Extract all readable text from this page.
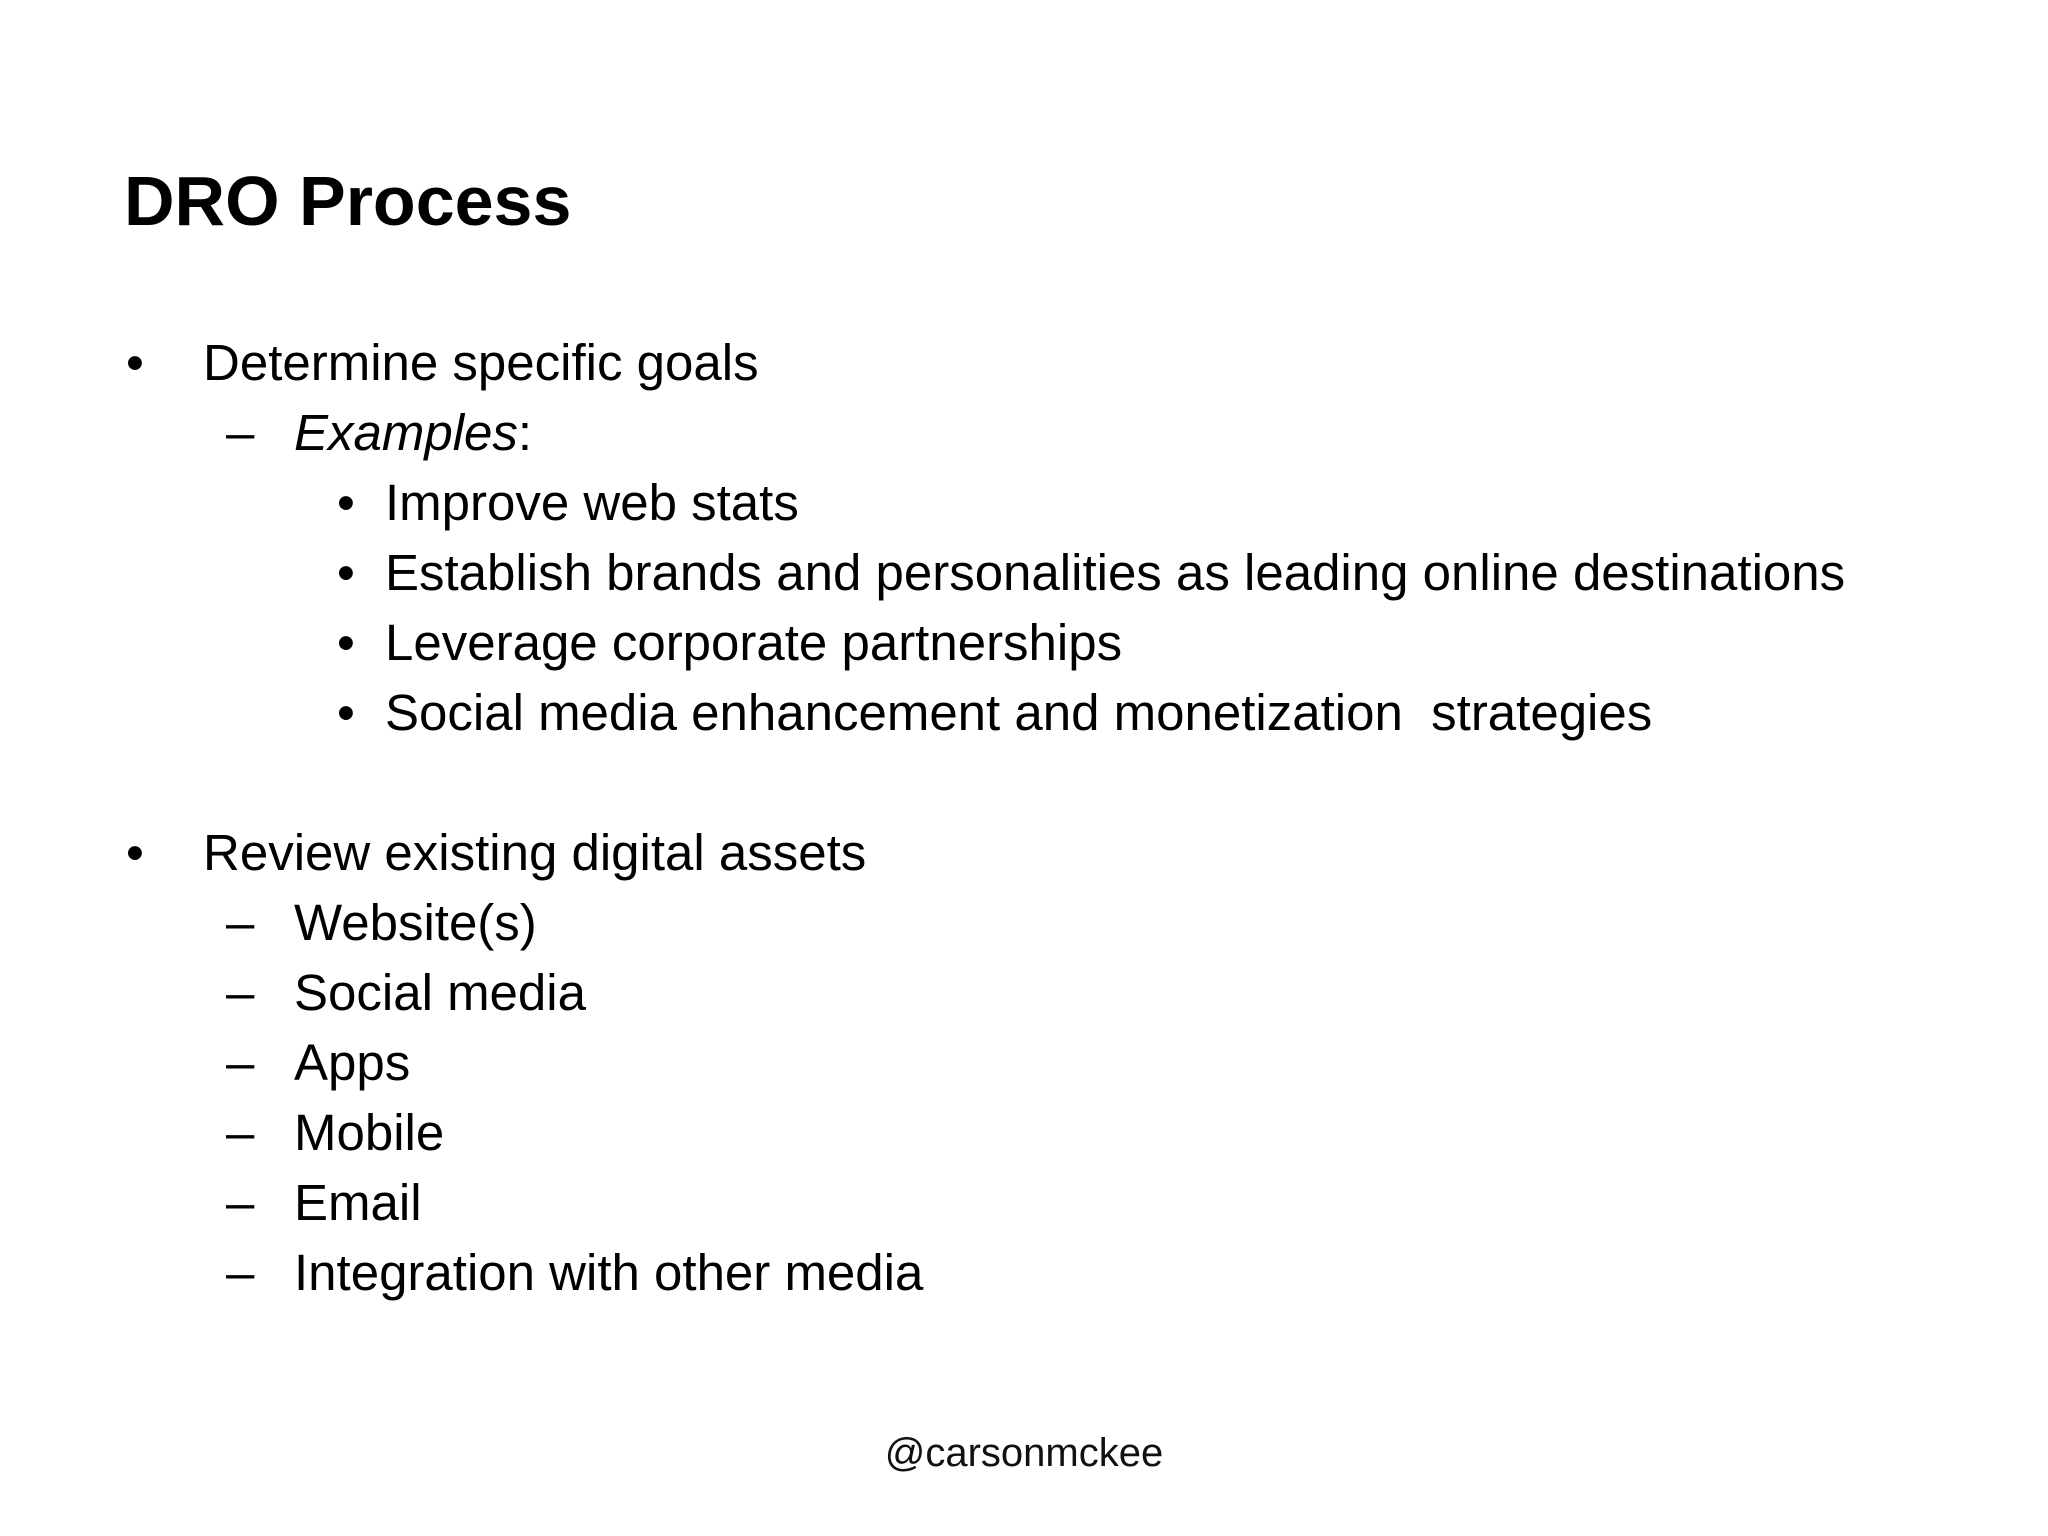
DRO Process
• Determine specific goals
– Examples:
• Improve web stats
• Establish brands and personalities as leading online destinations
• Leverage corporate partnerships
• Social media enhancement and monetization  strategies
• Review existing digital assets
– Website(s)
– Social media
– Apps
– Mobile
– Email
– Integration with other media
@carsonmckee
